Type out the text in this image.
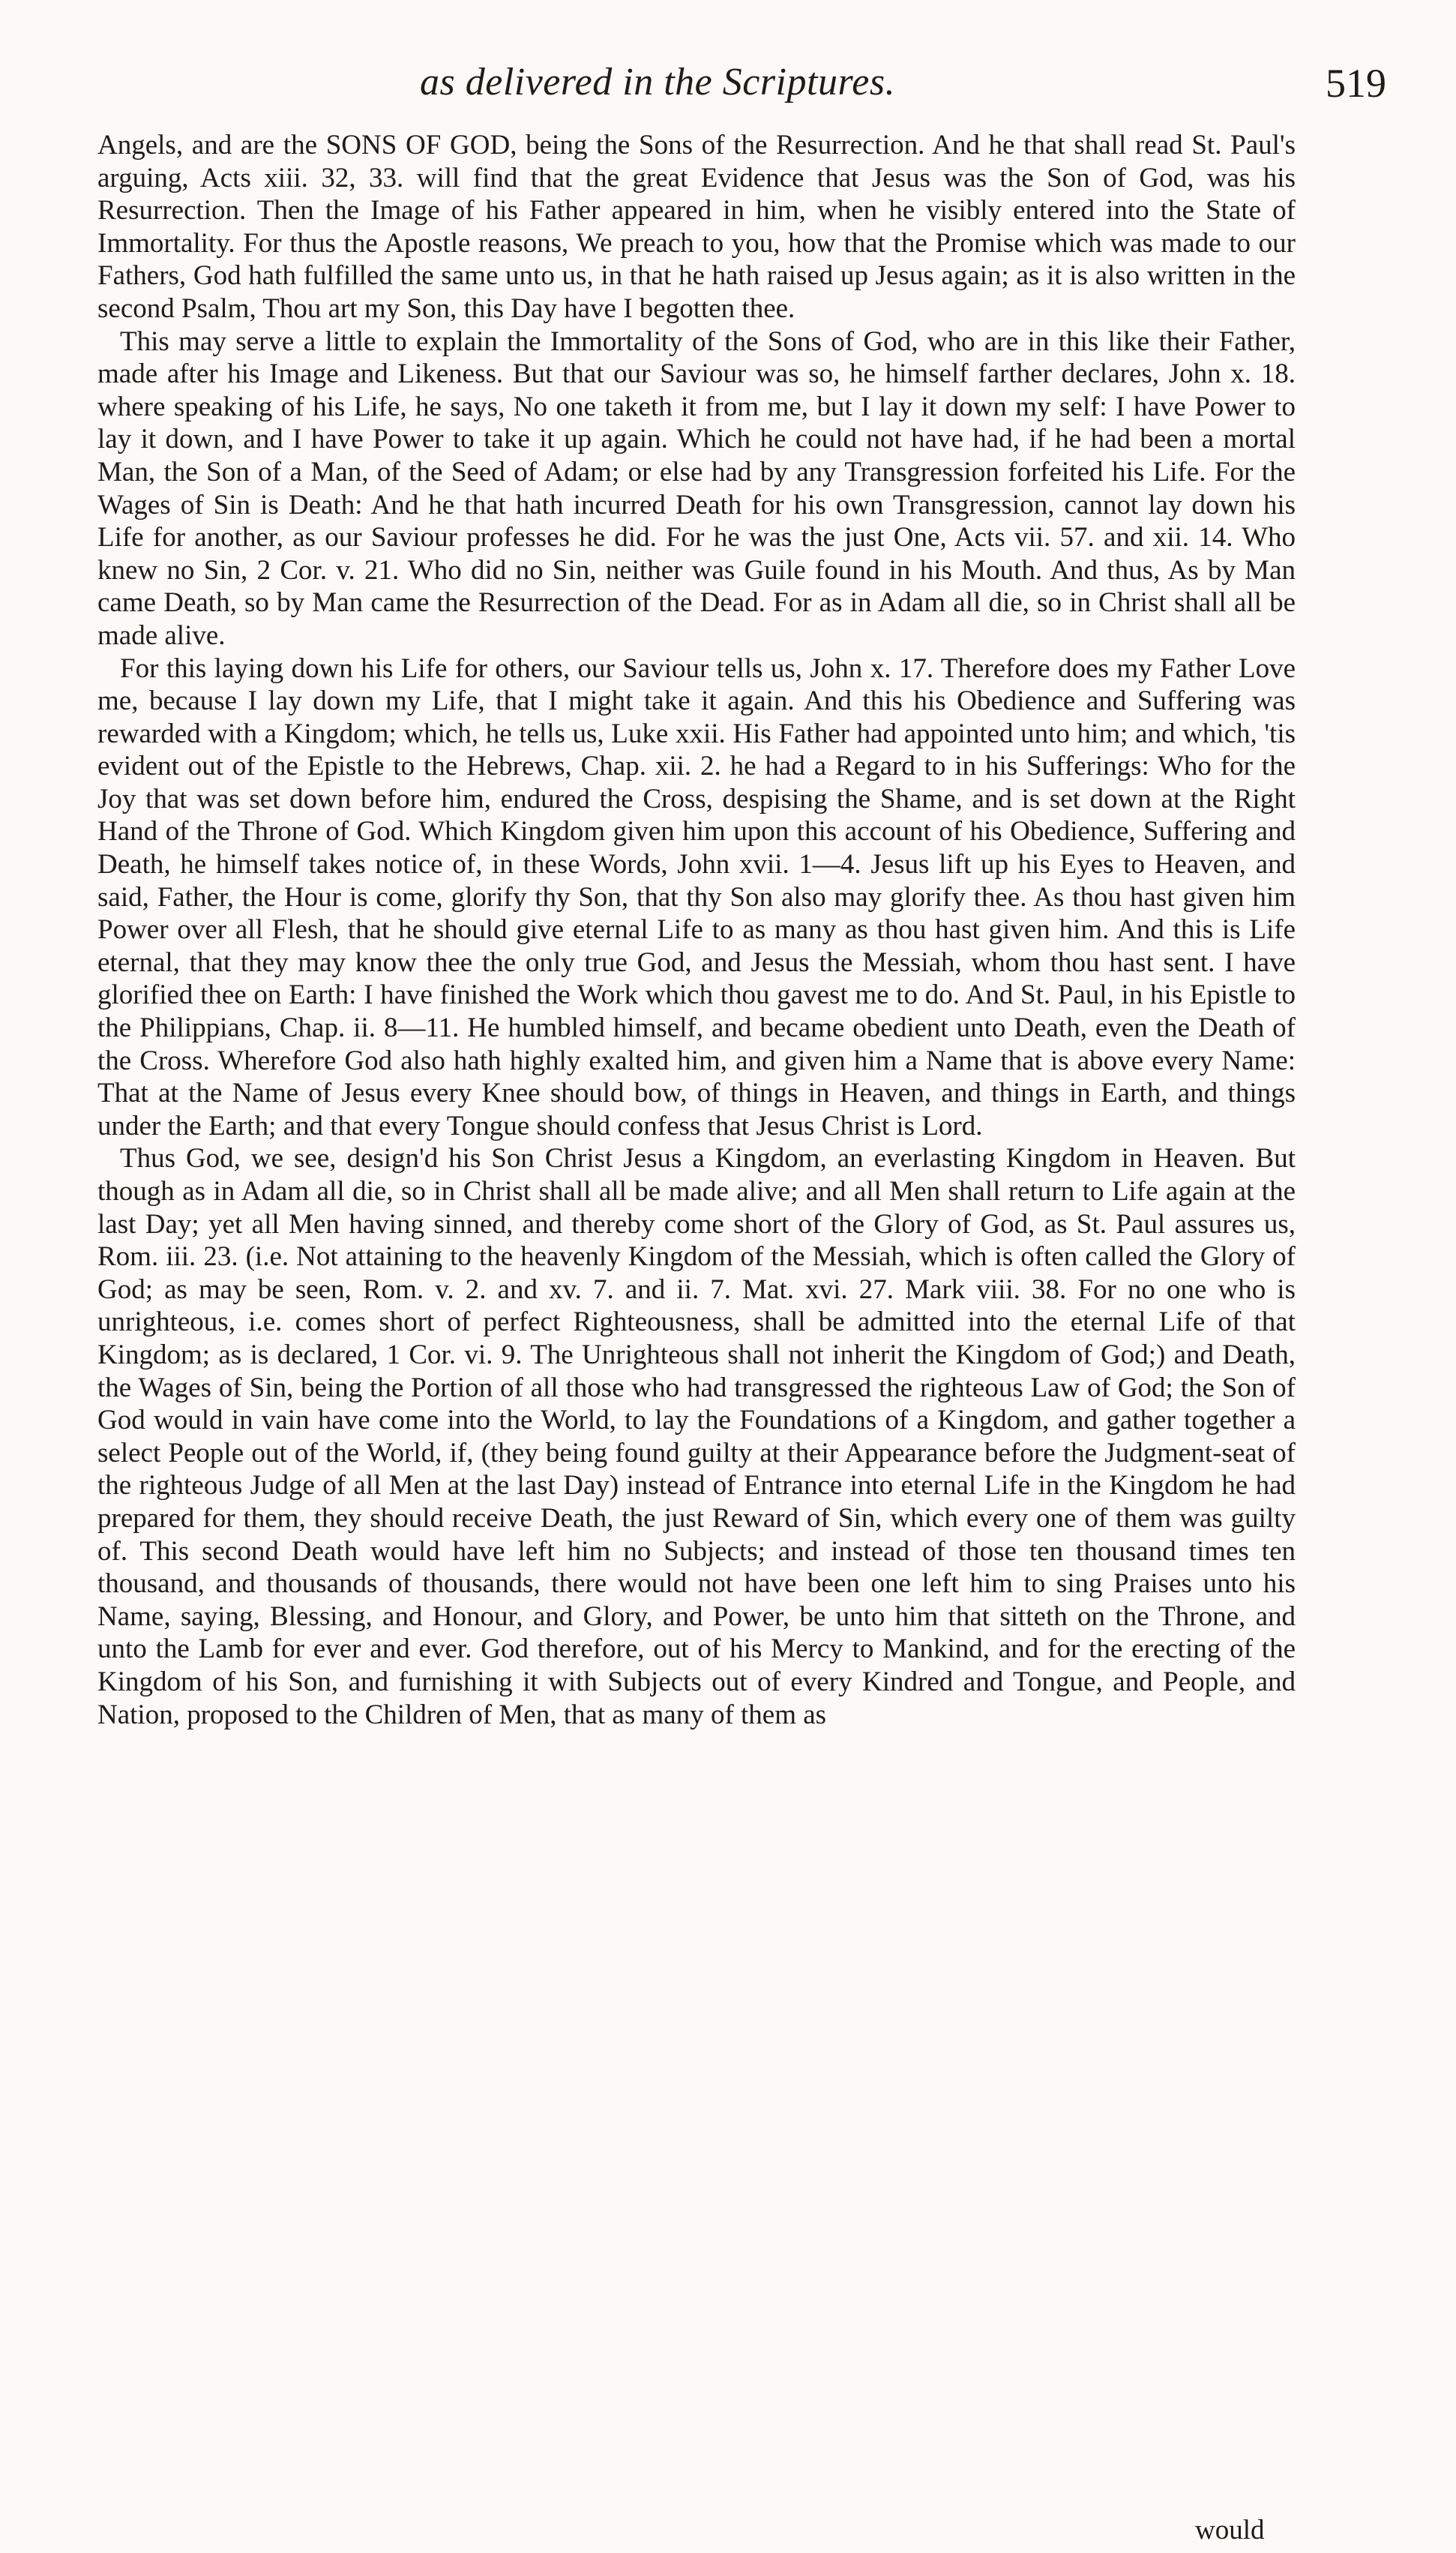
as delivered in the Scriptures.	519

Angels, and are the SONS OF GOD, being the Sons of the Resurrection. And he that shall read St. Paul's arguing, Acts xiii. 32, 33. will find that the great Evidence that Jesus was the Son of God, was his Resurrection. Then the Image of his Father appeared in him, when he visibly entered into the State of Immortality. For thus the Apostle reasons, We preach to you, how that the Promise which was made to our Fathers, God hath fulfilled the same unto us, in that he hath raised up Jesus again; as it is also written in the second Psalm, Thou art my Son, this Day have I begotten thee.

This may serve a little to explain the Immortality of the Sons of God, who are in this like their Father, made after his Image and Likeness. But that our Saviour was so, he himself farther declares, John x. 18. where speaking of his Life, he says, No one taketh it from me, but I lay it down my self: I have Power to lay it down, and I have Power to take it up again. Which he could not have had, if he had been a mortal Man, the Son of a Man, of the Seed of Adam; or else had by any Transgression forfeited his Life. For the Wages of Sin is Death: And he that hath incurred Death for his own Transgression, cannot lay down his Life for another, as our Saviour professes he did. For he was the just One, Acts vii. 57. and xii. 14. Who knew no Sin, 2 Cor. v. 21. Who did no Sin, neither was Guile found in his Mouth. And thus, As by Man came Death, so by Man came the Resurrection of the Dead. For as in Adam all die, so in Christ shall all be made alive.

For this laying down his Life for others, our Saviour tells us, John x. 17. Therefore does my Father Love me, because I lay down my Life, that I might take it again. And this his Obedience and Suffering was rewarded with a Kingdom; which, he tells us, Luke xxii. His Father had appointed unto him; and which, 'tis evident out of the Epistle to the Hebrews, Chap. xii. 2. he had a Regard to in his Sufferings: Who for the Joy that was set down before him, endured the Cross, despising the Shame, and is set down at the Right Hand of the Throne of God. Which Kingdom given him upon this account of his Obedience, Suffering and Death, he himself takes notice of, in these Words, John xvii. 1—4. Jesus lift up his Eyes to Heaven, and said, Father, the Hour is come, glorify thy Son, that thy Son also may glorify thee. As thou hast given him Power over all Flesh, that he should give eternal Life to as many as thou hast given him. And this is Life eternal, that they may know thee the only true God, and Jesus the Messiah, whom thou hast sent. I have glorified thee on Earth: I have finished the Work which thou gavest me to do. And St. Paul, in his Epistle to the Philippians, Chap. ii. 8—11. He humbled himself, and became obedient unto Death, even the Death of the Cross. Wherefore God also hath highly exalted him, and given him a Name that is above every Name: That at the Name of Jesus every Knee should bow, of things in Heaven, and things in Earth, and things under the Earth; and that every Tongue should confess that Jesus Christ is Lord.

Thus God, we see, design'd his Son Christ Jesus a Kingdom, an everlasting Kingdom in Heaven. But though as in Adam all die, so in Christ shall all be made alive; and all Men shall return to Life again at the last Day; yet all Men having sinned, and thereby come short of the Glory of God, as St. Paul assures us, Rom. iii. 23. (i.e. Not attaining to the heavenly Kingdom of the Messiah, which is often called the Glory of God; as may be seen, Rom. v. 2. and xv. 7. and ii. 7. Mat. xvi. 27. Mark viii. 38. For no one who is unrighteous, i.e. comes short of perfect Righteousness, shall be admitted into the eternal Life of that Kingdom; as is declared, 1 Cor. vi. 9. The Unrighteous shall not inherit the Kingdom of God;) and Death, the Wages of Sin, being the Portion of all those who had transgressed the righteous Law of God; the Son of God would in vain have come into the World, to lay the Foundations of a Kingdom, and gather together a select People out of the World, if, (they being found guilty at their Appearance before the Judgment-seat of the righteous Judge of all Men at the last Day) instead of Entrance into eternal Life in the Kingdom he had prepared for them, they should receive Death, the just Reward of Sin, which every one of them was guilty of. This second Death would have left him no Subjects; and instead of those ten thousand times ten thousand, and thousands of thousands, there would not have been one left him to sing Praises unto his Name, saying, Blessing, and Honour, and Glory, and Power, be unto him that sitteth on the Throne, and unto the Lamb for ever and ever. God therefore, out of his Mercy to Mankind, and for the erecting of the Kingdom of his Son, and furnishing it with Subjects out of every Kindred and Tongue, and People, and Nation, proposed to the Children of Men, that as many of them as

would
